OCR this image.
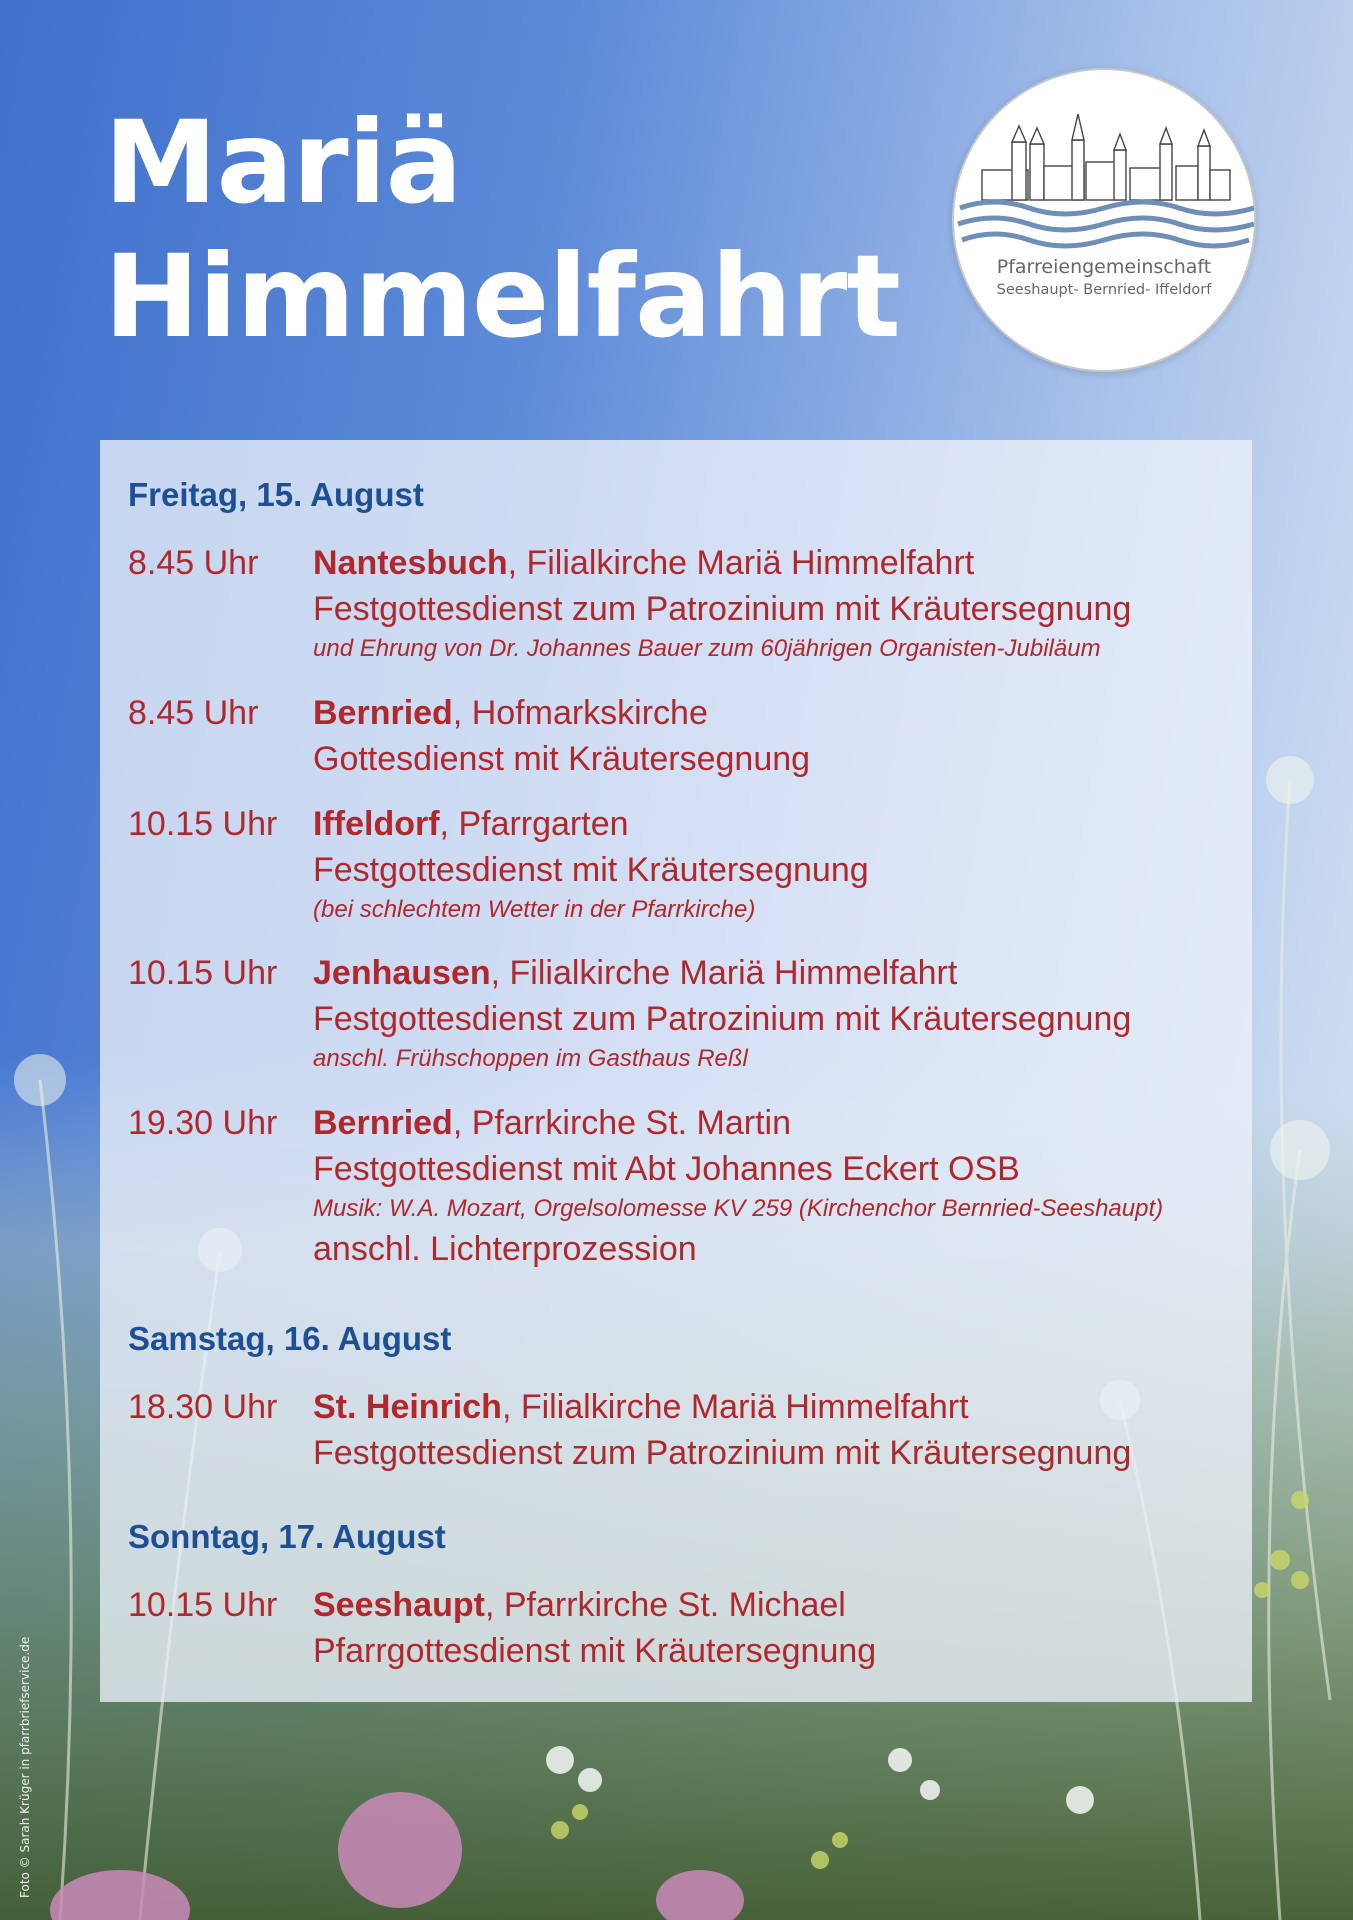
Mariä
Himmelfahrt	Pfarreiengemeinschaft
Seeshaupt- Bernried- Iffeldorf
Freitag, 15. August
8.45 Uhr Nantesbuch, Filialkirche Mariä Himmelfahrt
Festgottesdienst zum Patrozinium mit Kräutersegnung
und Ehrung von Dr. Johannes Bauer zum 60jährigen Organisten-Jubiläum
8.45 Uhr Bernried, Hofmarkskirche
Gottesdienst mit Kräutersegnung
10.15 Uhr Iffeldorf, Pfarrgarten
Festgottesdienst mit Kräutersegnung
(bei schlechtem Wetter in der Pfarrkirche)
10.15 Uhr Jenhausen, Filialkirche Mariä Himmelfahrt
Festgottesdienst zum Patrozinium mit Kräutersegnung
anschl. Frühschoppen im Gasthaus Reßl
19.30 Uhr Bernried, Pfarrkirche St. Martin
Festgottesdienst mit Abt Johannes Eckert OSB
Musik: W.A. Mozart, Orgelsolomesse KV 259 (Kirchenchor Bernried-Seeshaupt)
anschl. Lichterprozession
Samstag, 16. August
18.30 Uhr St. Heinrich, Filialkirche Mariä Himmelfahrt
Festgottesdienst zum Patrozinium mit Kräutersegnung
Sonntag, 17. August
10.15 Uhr Seeshaupt, Pfarrkirche St. Michael
Pfarrgottesdienst mit Kräutersegnung
Foto © Sarah Krüger in pfarrbriefservice.de
